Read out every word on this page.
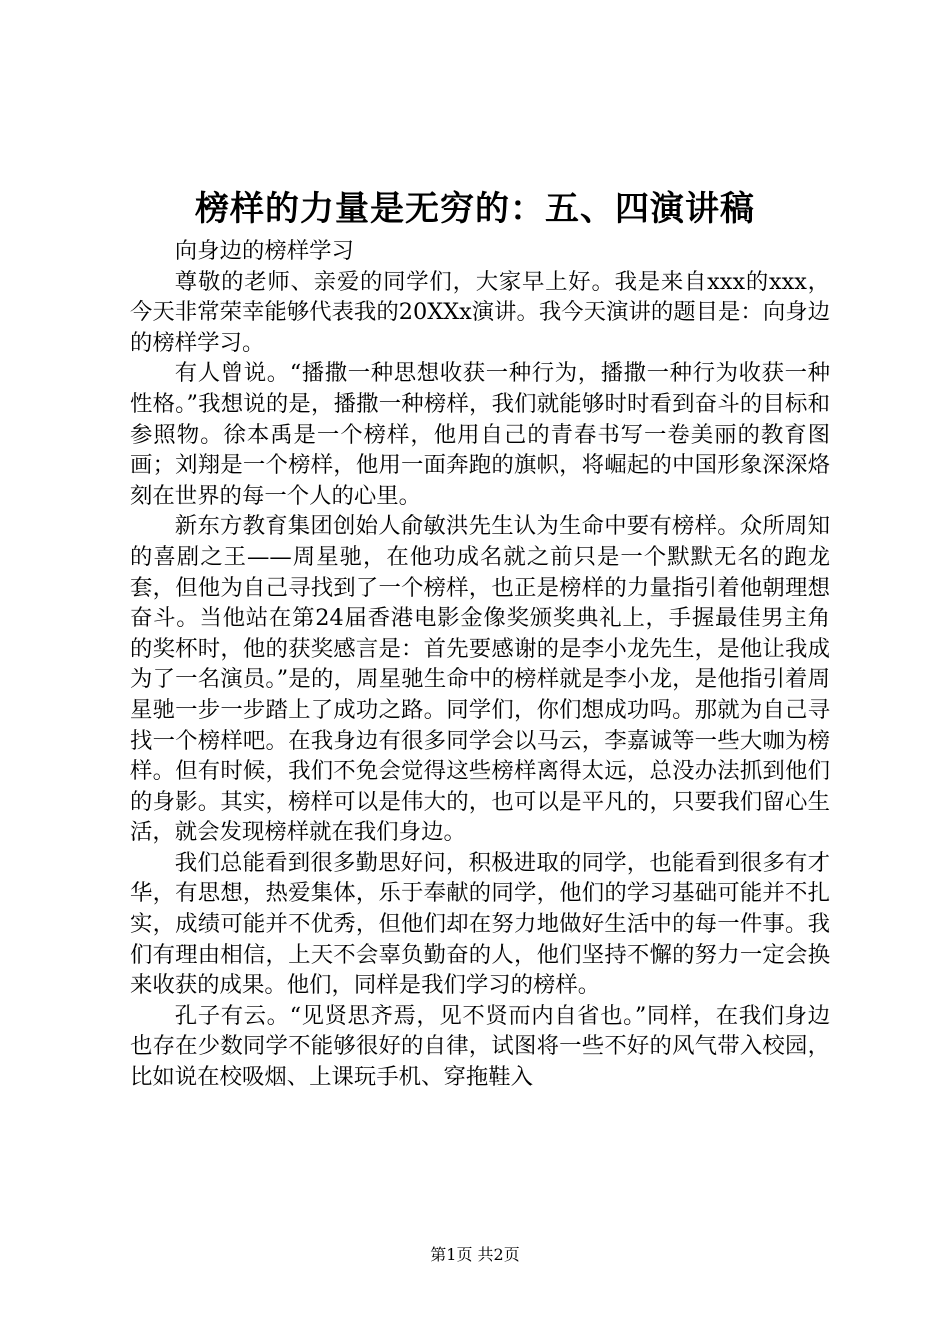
榜样的力量是无穷的：五、四演讲稿

向身边的榜样学习

尊敬的老师、亲爱的同学们，大家早上好。我是来自xxx的xxx，今天非常荣幸能够代表我的20XXx演讲。我今天演讲的题目是：向身边的榜样学习。

有人曾说。“播撒一种思想收获一种行为，播撒一种行为收获一种性格。”我想说的是，播撒一种榜样，我们就能够时时看到奋斗的目标和参照物。徐本禹是一个榜样，他用自己的青春书写一卷美丽的教育图画；刘翔是一个榜样，他用一面奔跑的旗帜，将崛起的中国形象深深烙刻在世界的每一个人的心里。

新东方教育集团创始人俞敏洪先生认为生命中要有榜样。众所周知的喜剧之王——周星驰，在他功成名就之前只是一个默默无名的跑龙套，但他为自己寻找到了一个榜样，也正是榜样的力量指引着他朝理想奋斗。当他站在第24届香港电影金像奖颁奖典礼上，手握最佳男主角的奖杯时，他的获奖感言是：首先要感谢的是李小龙先生，是他让我成为了一名演员。”是的，周星驰生命中的榜样就是李小龙，是他指引着周星驰一步一步踏上了成功之路。同学们，你们想成功吗。那就为自己寻找一个榜样吧。在我身边有很多同学会以马云，李嘉诚等一些大咖为榜样。但有时候，我们不免会觉得这些榜样离得太远，总没办法抓到他们的身影。其实，榜样可以是伟大的，也可以是平凡的，只要我们留心生活，就会发现榜样就在我们身边。

我们总能看到很多勤思好问，积极进取的同学，也能看到很多有才华，有思想，热爱集体，乐于奉献的同学，他们的学习基础可能并不扎实，成绩可能并不优秀，但他们却在努力地做好生活中的每一件事。我们有理由相信，上天不会辜负勤奋的人，他们坚持不懈的努力一定会换来收获的成果。他们，同样是我们学习的榜样。

孔子有云。“见贤思齐焉，见不贤而内自省也。”同样，在我们身边也存在少数同学不能够很好的自律，试图将一些不好的风气带入校园，比如说在校吸烟、上课玩手机、穿拖鞋入

第1页 共2页
